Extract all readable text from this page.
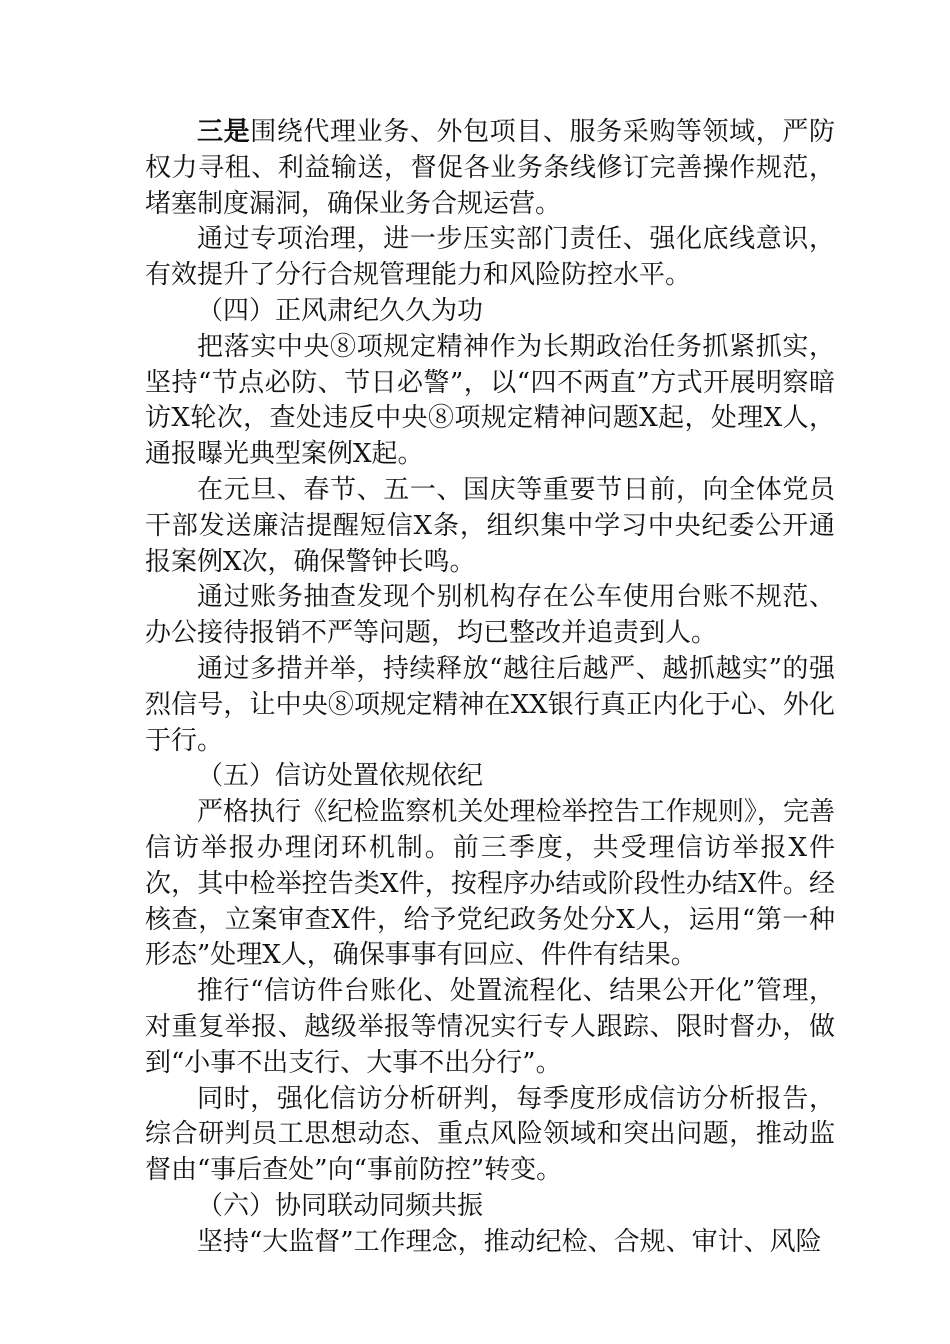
三是围绕代理业务、外包项目、服务采购等领域，严防权力寻租、利益输送，督促各业务条线修订完善操作规范，堵塞制度漏洞，确保业务合规运营。

通过专项治理，进一步压实部门责任、强化底线意识，有效提升了分行合规管理能力和风险防控水平。

（四）正风肃纪久久为功

把落实中央⑧项规定精神作为长期政治任务抓紧抓实，坚持“节点必防、节日必警”，以“四不两直”方式开展明察暗访X轮次，查处违反中央⑧项规定精神问题X起，处理X人，通报曝光典型案例X起。

在元旦、春节、五一、国庆等重要节日前，向全体党员干部发送廉洁提醒短信X条，组织集中学习中央纪委公开通报案例X次，确保警钟长鸣。

通过账务抽查发现个别机构存在公车使用台账不规范、办公接待报销不严等问题，均已整改并追责到人。

通过多措并举，持续释放“越往后越严、越抓越实”的强烈信号，让中央⑧项规定精神在XX银行真正内化于心、外化于行。

（五）信访处置依规依纪

严格执行《纪检监察机关处理检举控告工作规则》，完善信访举报办理闭环机制。前三季度，共受理信访举报X件次，其中检举控告类X件，按程序办结或阶段性办结X件。经核查，立案审查X件，给予党纪政务处分X人，运用“第一种形态”处理X人，确保事事有回应、件件有结果。

推行“信访件台账化、处置流程化、结果公开化”管理，对重复举报、越级举报等情况实行专人跟踪、限时督办，做到“小事不出支行、大事不出分行”。

同时，强化信访分析研判，每季度形成信访分析报告，综合研判员工思想动态、重点风险领域和突出问题，推动监督由“事后查处”向“事前防控”转变。

（六）协同联动同频共振

坚持“大监督”工作理念，推动纪检、合规、审计、风险
